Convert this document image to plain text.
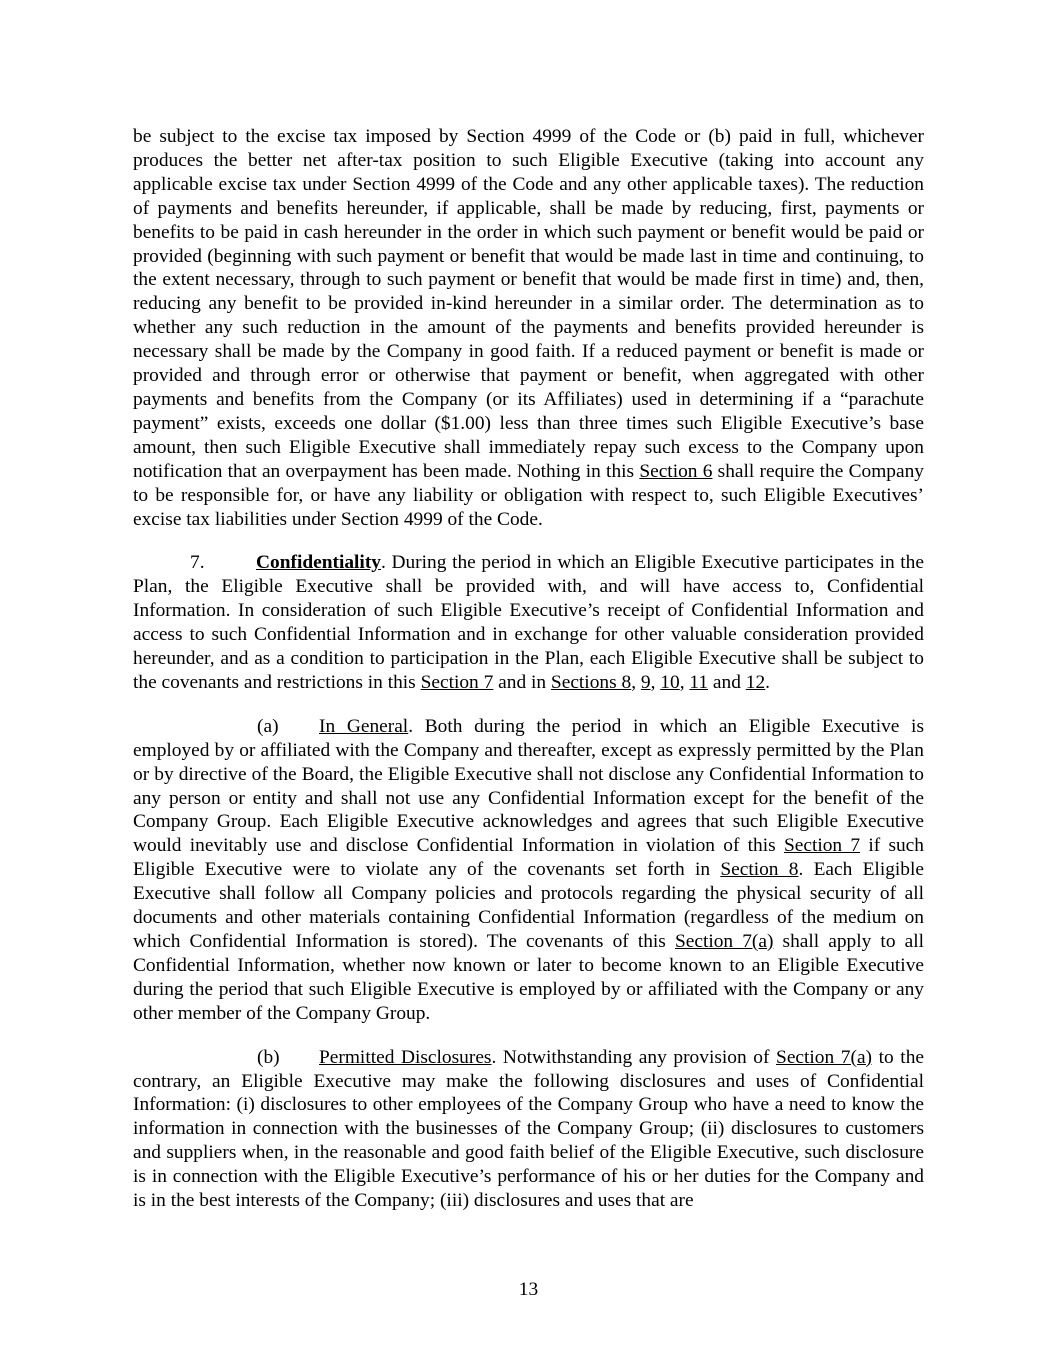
be subject to the excise tax imposed by Section 4999 of the Code or (b) paid in full, whichever produces the better net after-tax position to such Eligible Executive (taking into account any applicable excise tax under Section 4999 of the Code and any other applicable taxes). The reduction of payments and benefits hereunder, if applicable, shall be made by reducing, first, payments or benefits to be paid in cash hereunder in the order in which such payment or benefit would be paid or provided (beginning with such payment or benefit that would be made last in time and continuing, to the extent necessary, through to such payment or benefit that would be made first in time) and, then, reducing any benefit to be provided in-kind hereunder in a similar order. The determination as to whether any such reduction in the amount of the payments and benefits provided hereunder is necessary shall be made by the Company in good faith. If a reduced payment or benefit is made or provided and through error or otherwise that payment or benefit, when aggregated with other payments and benefits from the Company (or its Affiliates) used in determining if a “parachute payment” exists, exceeds one dollar ($1.00) less than three times such Eligible Executive’s base amount, then such Eligible Executive shall immediately repay such excess to the Company upon notification that an overpayment has been made. Nothing in this Section 6 shall require the Company to be responsible for, or have any liability or obligation with respect to, such Eligible Executives’ excise tax liabilities under Section 4999 of the Code.

7.	Confidentiality. During the period in which an Eligible Executive participates in the Plan, the Eligible Executive shall be provided with, and will have access to, Confidential Information. In consideration of such Eligible Executive’s receipt of Confidential Information and access to such Confidential Information and in exchange for other valuable consideration provided hereunder, and as a condition to participation in the Plan, each Eligible Executive shall be subject to the covenants and restrictions in this Section 7 and in Sections 8, 9, 10, 11 and 12.

(a) In General. Both during the period in which an Eligible Executive is employed by or affiliated with the Company and thereafter, except as expressly permitted by the Plan or by directive of the Board, the Eligible Executive shall not disclose any Confidential Information to any person or entity and shall not use any Confidential Information except for the benefit of the Company Group. Each Eligible Executive acknowledges and agrees that such Eligible Executive would inevitably use and disclose Confidential Information in violation of this Section 7 if such Eligible Executive were to violate any of the covenants set forth in Section 8. Each Eligible Executive shall follow all Company policies and protocols regarding the physical security of all documents and other materials containing Confidential Information (regardless of the medium on which Confidential Information is stored). The covenants of this Section 7(a) shall apply to all Confidential Information, whether now known or later to become known to an Eligible Executive during the period that such Eligible Executive is employed by or affiliated with the Company or any other member of the Company Group.

(b) Permitted Disclosures. Notwithstanding any provision of Section 7(a) to the contrary, an Eligible Executive may make the following disclosures and uses of Confidential Information: (i) disclosures to other employees of the Company Group who have a need to know the information in connection with the businesses of the Company Group; (ii) disclosures to customers and suppliers when, in the reasonable and good faith belief of the Eligible Executive, such disclosure is in connection with the Eligible Executive’s performance of his or her duties for the Company and is in the best interests of the Company; (iii) disclosures and uses that are

13
